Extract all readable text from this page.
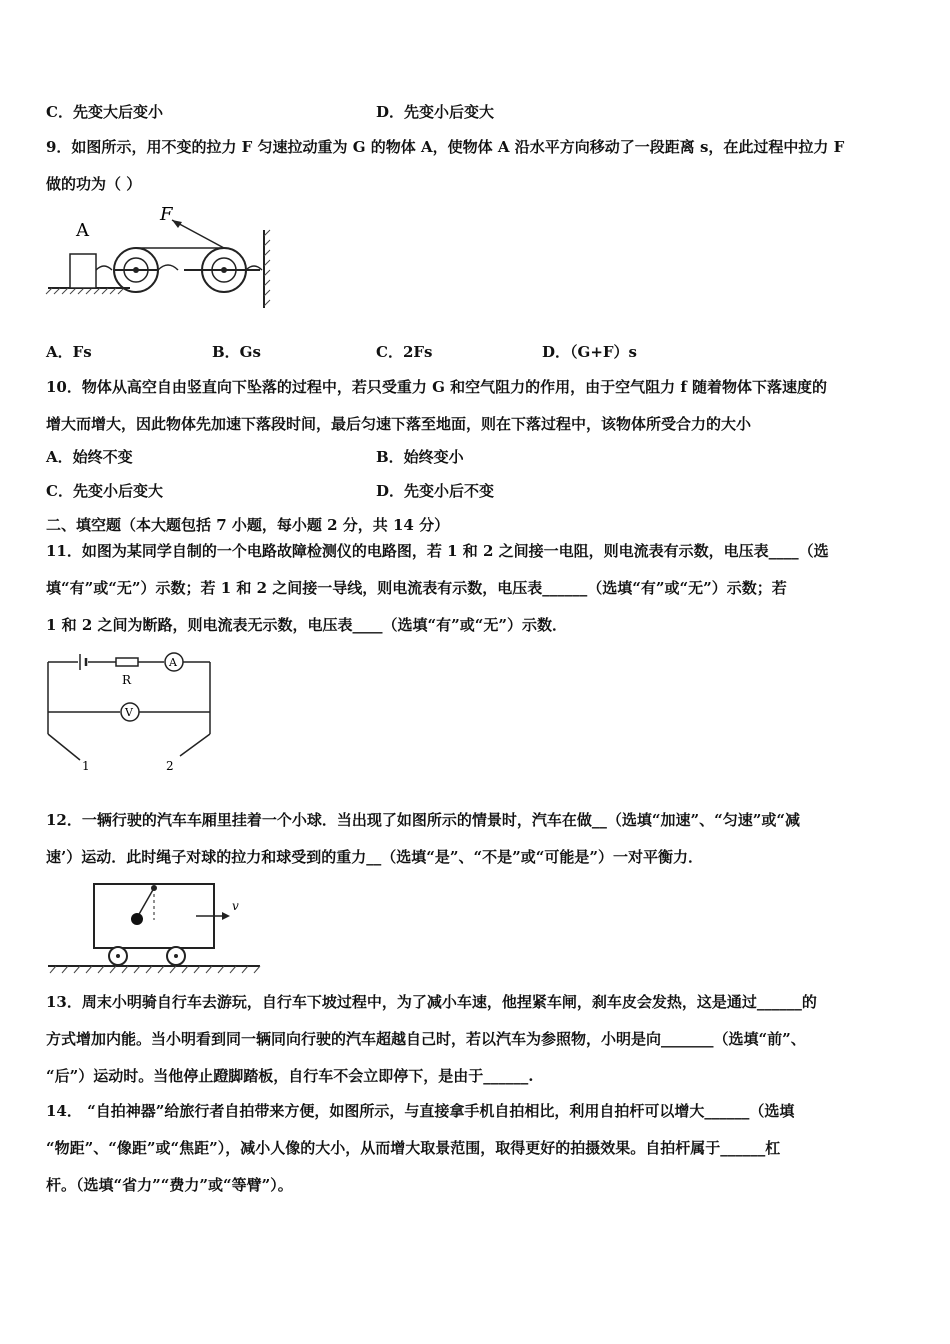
C．先变大后变小	D．先变小后变大
9．如图所示，用不变的拉力 F 匀速拉动重为 G 的物体 A，使物体 A 沿水平方向移动了一段距离 s，在此过程中拉力 F
做的功为（ ）
A
F
A．Fs	B．Gs	C．2Fs	D．（G+F）s
10．物体从高空自由竖直向下坠落的过程中，若只受重力 G 和空气阻力的作用，由于空气阻力 f 随着物体下落速度的
增大而增大，因此物体先加速下落段时间，最后匀速下落至地面，则在下落过程中，该物体所受合力的大小
A．始终不变	B．始终变小
C．先变小后变大	D．先变小后不变
二、填空题（本大题包括 7 小题，每小题 2 分，共 14 分）
11．如图为某同学自制的一个电路故障检测仪的电路图，若 1 和 2 之间接一电阻，则电流表有示数，电压表____（选
填“有”或“无”）示数；若 1 和 2 之间接一导线，则电流表有示数，电压表______（选填“有”或“无”）示数；若
1 和 2 之间为断路，则电流表无示数，电压表____（选填“有”或“无”）示数．
R
A
V
1	2
12．一辆行驶的汽车车厢里挂着一个小球．当出现了如图所示的情景时，汽车在做__（选填“加速”、“匀速”或“减
速’）运动．此时绳子对球的拉力和球受到的重力__（选填“是”、“不是”或“可能是”）一对平衡力．
v
13．周末小明骑自行车去游玩，自行车下坡过程中，为了减小车速，他捏紧车闸，刹车皮会发热，这是通过______的
方式增加内能。当小明看到同一辆同向行驶的汽车超越自己时，若以汽车为参照物，小明是向_______（选填“前”、
“后”）运动时。当他停止蹬脚踏板，自行车不会立即停下，是由于______.
14． “自拍神器”给旅行者自拍带来方便，如图所示，与直接拿手机自拍相比，利用自拍杆可以增大______（选填
“物距”、“像距”或“焦距”），减小人像的大小，从而增大取景范围，取得更好的拍摄效果。自拍杆属于______杠
杆。（选填“省力”“费力”或“等臂”）。
